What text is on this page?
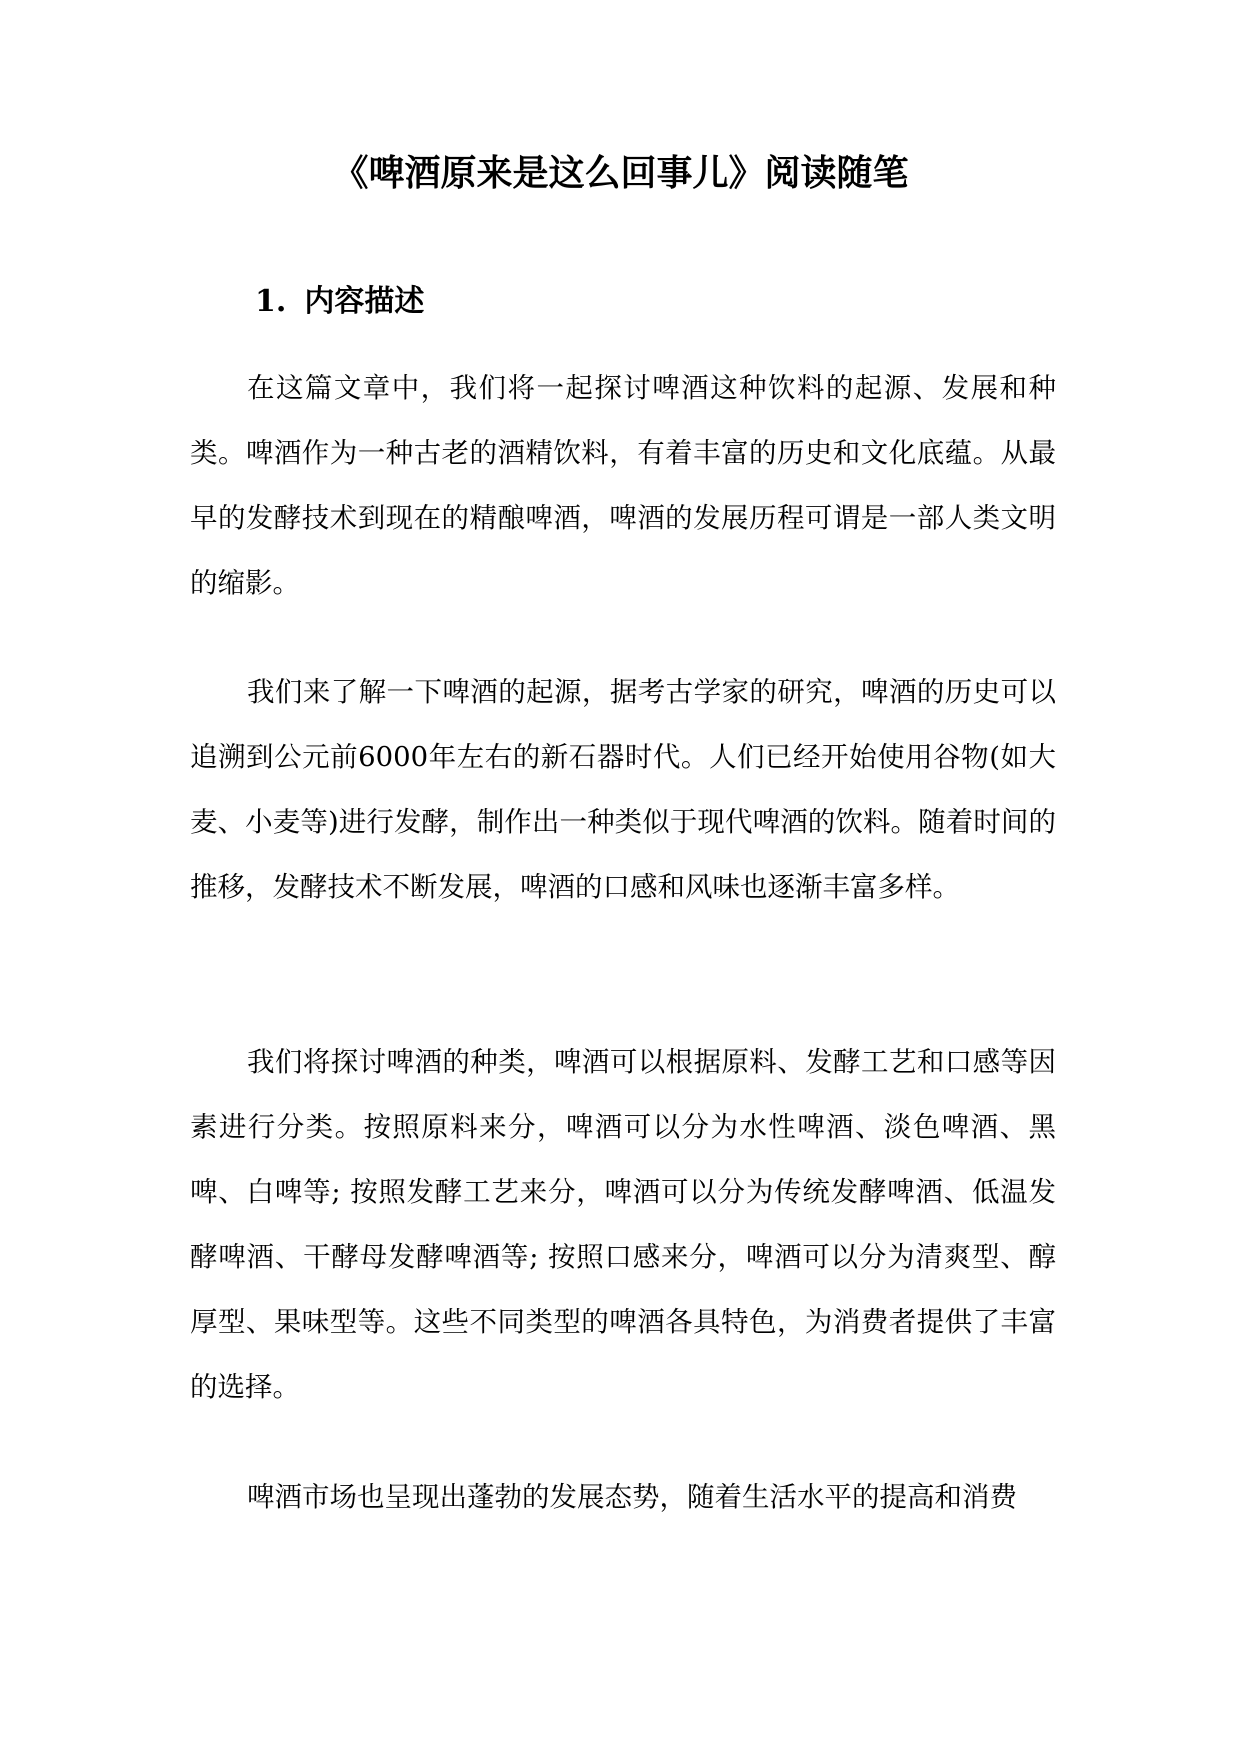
《啤酒原来是这么回事儿》阅读随笔
1. 内容描述

在这篇文章中，我们将一起探讨啤酒这种饮料的起源、发展和种类。啤酒作为一种古老的酒精饮料，有着丰富的历史和文化底蕴。从最早的发酵技术到现在的精酿啤酒，啤酒的发展历程可谓是一部人类文明的缩影。

我们来了解一下啤酒的起源，据考古学家的研究，啤酒的历史可以追溯到公元前6000年左右的新石器时代。人们已经开始使用谷物(如大麦、小麦等)进行发酵，制作出一种类似于现代啤酒的饮料。随着时间的推移，发酵技术不断发展，啤酒的口感和风味也逐渐丰富多样。

我们将探讨啤酒的种类，啤酒可以根据原料、发酵工艺和口感等因素进行分类。按照原料来分，啤酒可以分为水性啤酒、淡色啤酒、黑啤、白啤等; 按照发酵工艺来分，啤酒可以分为传统发酵啤酒、低温发酵啤酒、干酵母发酵啤酒等; 按照口感来分，啤酒可以分为清爽型、醇厚型、果味型等。这些不同类型的啤酒各具特色，为消费者提供了丰富的选择。

啤酒市场也呈现出蓬勃的发展态势，随着生活水平的提高和消费
